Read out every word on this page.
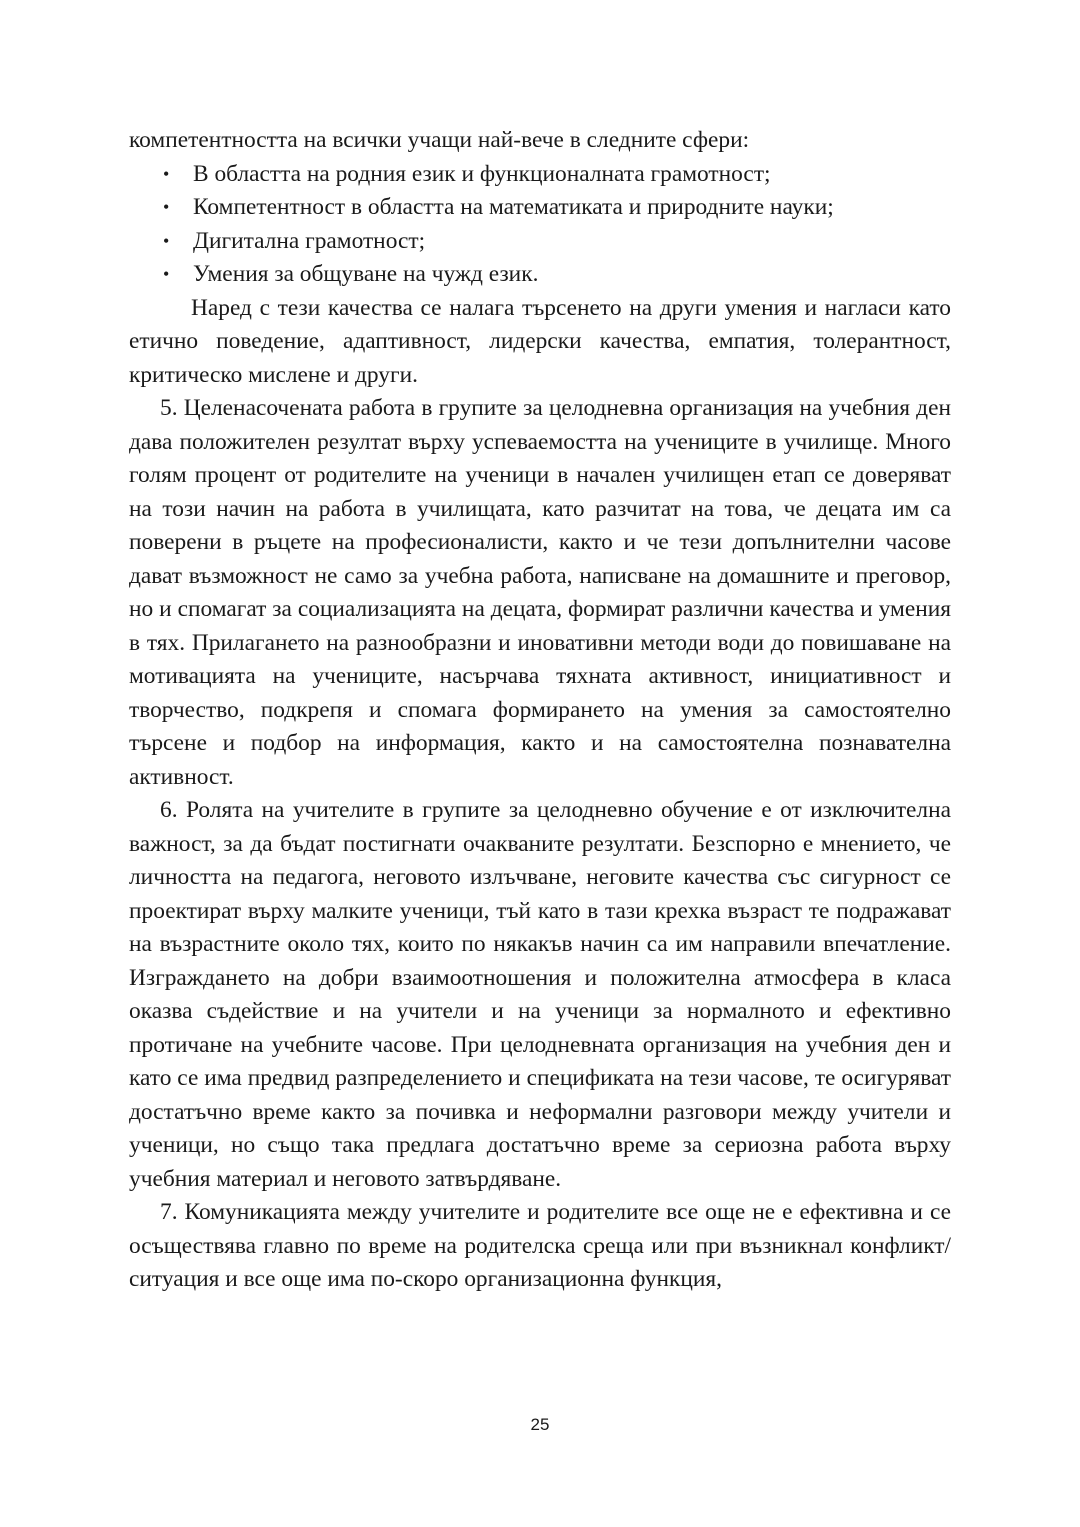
компетентността на всички учащи най-вече в следните сфери:

• В областта на родния език и функционалната грамотност;
• Компетентност в областта на математиката и природните науки;
• Дигитална грамотност;
• Умения за общуване на чужд език.

Наред с тези качества се налага търсенето на други умения и нагласи като етично поведение, адаптивност, лидерски качества, емпатия, толерантност, критическо мислене и други.

5. Целенасочената работа в групите за целодневна организация на учебния ден дава положителен резултат върху успеваемостта на учениците в училище. Много голям процент от родителите на ученици в начален училищен етап се доверяват на този начин на работа в училищата, като разчитат на това, че децата им са поверени в ръцете на професионалисти, както и че тези допълнителни часове дават възможност не само за учебна работа, написване на домашните и преговор, но и спомагат за социализацията на децата, формират различни качества и умения в тях. Прилагането на разнообразни и иновативни методи води до повишаване на мотивацията на учениците, насърчава тяхната активност, инициативност и творчество, подкрепя и спомага формирането на умения за самостоятелно търсене и подбор на информация, както и на самостоятелна познавателна активност.

6. Ролята на учителите в групите за целодневно обучение е от изключителна важност, за да бъдат постигнати очакваните резултати. Безспорно е мнението, че личността на педагога, неговото излъчване, неговите качества със сигурност се проектират върху малките ученици, тъй като в тази крехка възраст те подражават на възрастните около тях, които по някакъв начин са им направили впечатление. Изграждането на добри взаимоотношения и положителна атмосфера в класа оказва съдействие и на учители и на ученици за нормалното и ефективно протичане на учебните часове. При целодневната организация на учебния ден и като се има предвид разпределението и спецификата на тези часове, те осигуряват достатъчно време както за почивка и неформални разговори между учители и ученици, но също така предлага достатъчно време за сериозна работа върху учебния материал и неговото затвърдяване.

7. Комуникацията между учителите и родителите все още не е ефективна и се осъществява главно по време на родителска среща или при възникнал конфликт/ситуация и все още има по-скоро организационна функция,

25
